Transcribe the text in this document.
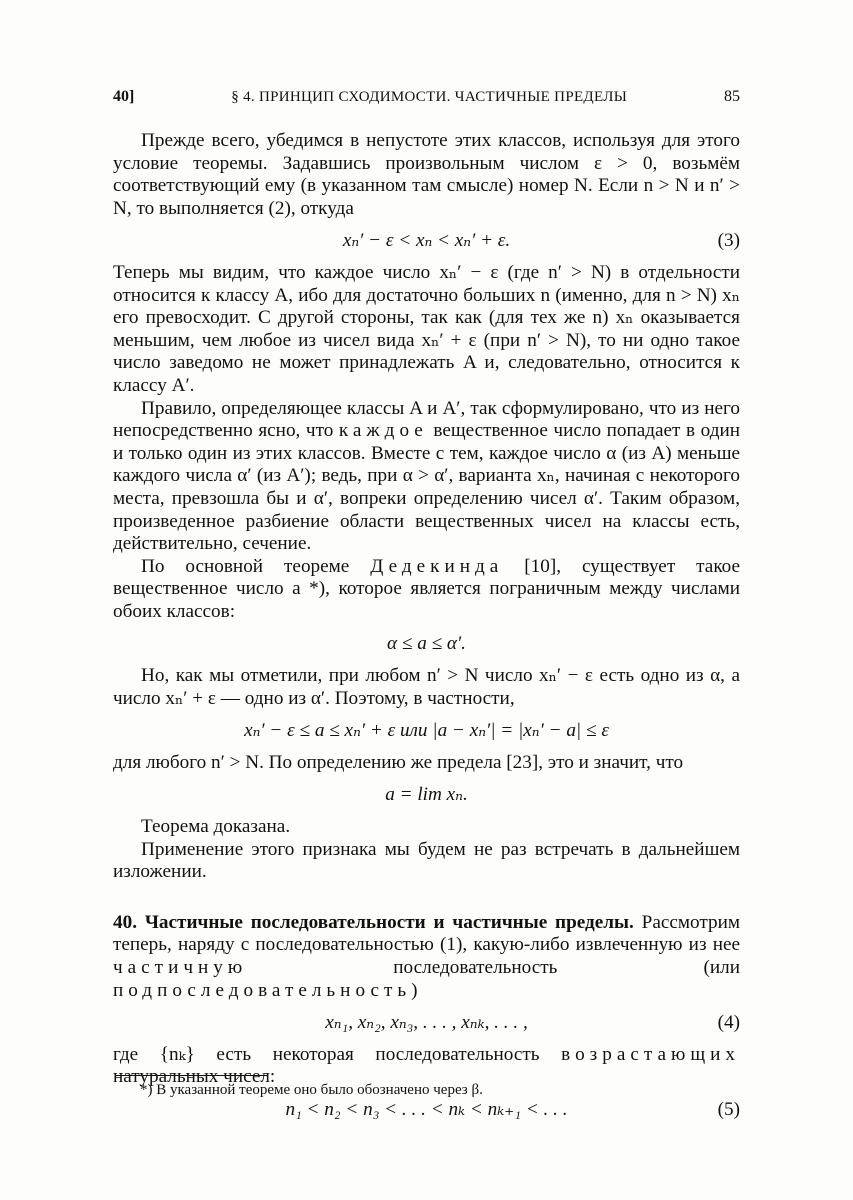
40]	§ 4. ПРИНЦИП СХОДИМОСТИ. ЧАСТИЧНЫЕ ПРЕДЕЛЫ	85

Прежде всего, убедимся в непустоте этих классов, используя для этого условие теоремы. Задавшись произвольным числом ε > 0, возьмём соответствующий ему (в указанном там смысле) номер N. Если n > N и n′ > N, то выполняется (2), откуда

xₙ′ − ε < xₙ < xₙ′ + ε.	(3)

Теперь мы видим, что каждое число xₙ′ − ε (где n′ > N) в отдельности относится к классу A, ибо для достаточно больших n (именно, для n > N) xₙ его превосходит. С другой стороны, так как (для тех же n) xₙ оказывается меньшим, чем любое из чисел вида xₙ′ + ε (при n′ > N), то ни одно такое число заведомо не может принадлежать A и, следовательно, относится к классу A′.

Правило, определяющее классы A и A′, так сформулировано, что из него непосредственно ясно, что каждое вещественное число попадает в один и только один из этих классов. Вместе с тем, каждое число α (из A) меньше каждого числа α′ (из A′); ведь, при α > α′, варианта xₙ, начиная с некоторого места, превзошла бы и α′, вопреки определению чисел α′. Таким образом, произведенное разбиение области вещественных чисел на классы есть, действительно, сечение.

По основной теореме Дедекинда [10], существует такое вещественное число a *), которое является пограничным между числами обоих классов:

α ≤ a ≤ α′.

Но, как мы отметили, при любом n′ > N число xₙ′ − ε есть одно из α, а число xₙ′ + ε — одно из α′. Поэтому, в частности,

xₙ′ − ε ≤ a ≤ xₙ′ + ε или |a − xₙ′| = |xₙ′ − a| ≤ ε

для любого n′ > N. По определению же предела [23], это и значит, что

a = lim xₙ.

Теорема доказана.

Применение этого признака мы будем не раз встречать в дальнейшем изложении.

40. Частичные последовательности и частичные пределы. Рассмотрим теперь, наряду с последовательностью (1), какую-либо извлеченную из нее частичную последовательность (или подпоследовательность)

xₙ₁, xₙ₂, xₙ₃, . . . , xₙₖ, . . . ,	(4)

где {nₖ} есть некоторая последовательность возрастающих натуральных чисел:

n₁ < n₂ < n₃ < . . . < nₖ < nₖ₊₁ < . . .	(5)
*) В указанной теореме оно было обозначено через β.
